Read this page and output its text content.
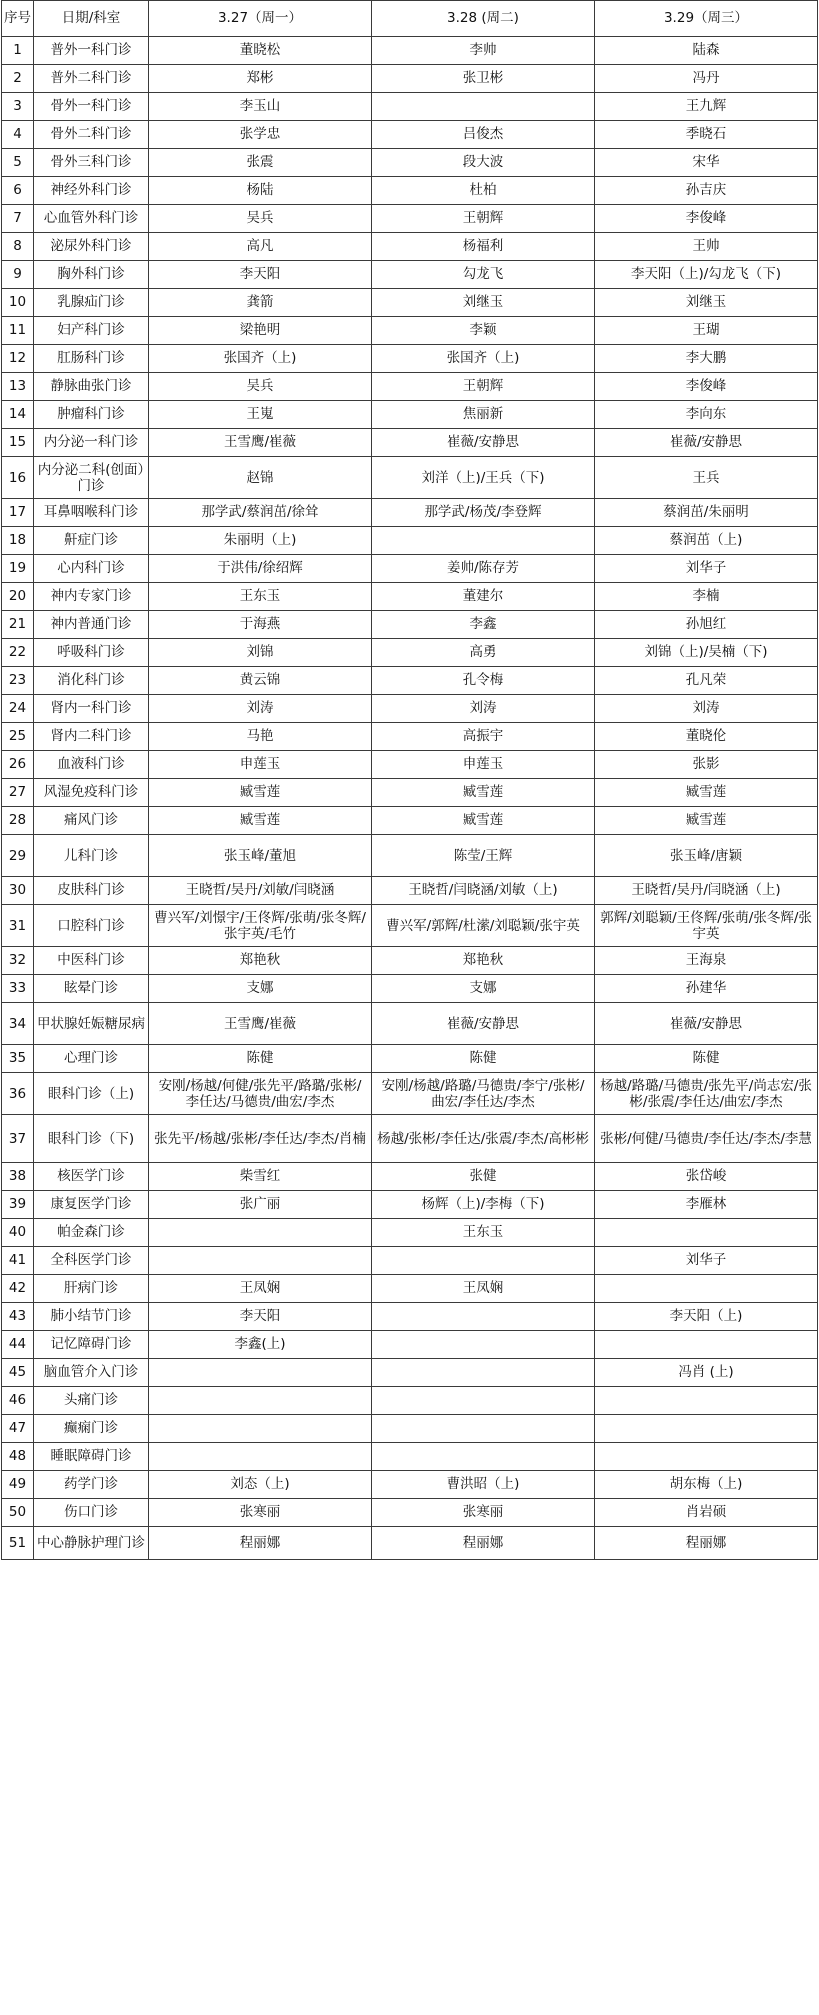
序号	日期/科室	3.27（周一）	3.28 (周二)	3.29（周三）
1	普外一科门诊	董晓松	李帅	陆森
2	普外二科门诊	郑彬	张卫彬	冯丹
3	骨外一科门诊	李玉山		王九辉
4	骨外二科门诊	张学忠	吕俊杰	季晓石
5	骨外三科门诊	张震	段大波	宋华
6	神经外科门诊	杨陆	杜柏	孙吉庆
7	心血管外科门诊	吴兵	王朝辉	李俊峰
8	泌尿外科门诊	高凡	杨福利	王帅
9	胸外科门诊	李天阳	勾龙飞	李天阳（上)/勾龙飞（下)
10	乳腺疝门诊	龚箭	刘继玉	刘继玉
11	妇产科门诊	梁艳明	李颖	王瑚
12	肛肠科门诊	张国齐（上)	张国齐（上)	李大鹏
13	静脉曲张门诊	吴兵	王朝辉	李俊峰
14	肿瘤科门诊	王嵬	焦丽新	李向东
15	内分泌一科门诊	王雪鹰/崔薇	崔薇/安静思	崔薇/安静思
16	内分泌二科(创面）门诊	赵锦	刘洋（上)/王兵（下)	王兵
17	耳鼻咽喉科门诊	那学武/蔡润茁/徐耸	那学武/杨茂/李登辉	蔡润茁/朱丽明
18	鼾症门诊	朱丽明（上)		蔡润茁（上)
19	心内科门诊	于洪伟/徐绍辉	姜帅/陈存芳	刘华子
20	神内专家门诊	王东玉	董建尔	李楠
21	神内普通门诊	于海燕	李鑫	孙旭红
22	呼吸科门诊	刘锦	高勇	刘锦（上)/吴楠（下)
23	消化科门诊	黄云锦	孔令梅	孔凡荣
24	肾内一科门诊	刘涛	刘涛	刘涛
25	肾内二科门诊	马艳	高振宇	董晓伦
26	血液科门诊	申莲玉	申莲玉	张影
27	风湿免疫科门诊	臧雪莲	臧雪莲	臧雪莲
28	痛风门诊	臧雪莲	臧雪莲	臧雪莲
29	儿科门诊	张玉峰/董旭	陈莹/王辉	张玉峰/唐颖
30	皮肤科门诊	王晓哲/吴丹/刘敏/闫晓涵	王晓哲/闫晓涵/刘敏（上)	王晓哲/吴丹/闫晓涵（上)
31	口腔科门诊	曹兴军/刘憬宇/王佟辉/张萌/张冬辉/张宇英/毛竹	曹兴军/郭辉/杜潆/刘聪颖/张宇英	郭辉/刘聪颖/王佟辉/张萌/张冬辉/张宇英
32	中医科门诊	郑艳秋	郑艳秋	王海泉
33	眩晕门诊	支娜	支娜	孙建华
34	甲状腺妊娠糖尿病	王雪鹰/崔薇	崔薇/安静思	崔薇/安静思
35	心理门诊	陈健	陈健	陈健
36	眼科门诊（上)	安刚/杨越/何健/张先平/路璐/张彬/李任达/马德贵/曲宏/李杰	安刚/杨越/路璐/马德贵/李宁/张彬/曲宏/李任达/李杰	杨越/路璐/马德贵/张先平/尚志宏/张彬/张震/李任达/曲宏/李杰
37	眼科门诊（下)	张先平/杨越/张彬/李任达/李杰/肖楠	杨越/张彬/李任达/张震/李杰/高彬彬	张彬/何健/马德贵/李任达/李杰/李慧
38	核医学门诊	柴雪红	张健	张岱峻
39	康复医学门诊	张广丽	杨辉（上)/李梅（下)	李雁林
40	帕金森门诊		王东玉	
41	全科医学门诊			刘华子
42	肝病门诊	王凤娴	王凤娴	
43	肺小结节门诊	李天阳		李天阳（上)
44	记忆障碍门诊	李鑫(上)		
45	脑血管介入门诊			冯肖 (上)
46	头痛门诊			
47	癫痫门诊			
48	睡眠障碍门诊			
49	药学门诊	刘态（上)	曹洪昭（上)	胡东梅（上)
50	伤口门诊	张寒丽	张寒丽	肖岩硕
51	中心静脉护理门诊	程丽娜	程丽娜	程丽娜
